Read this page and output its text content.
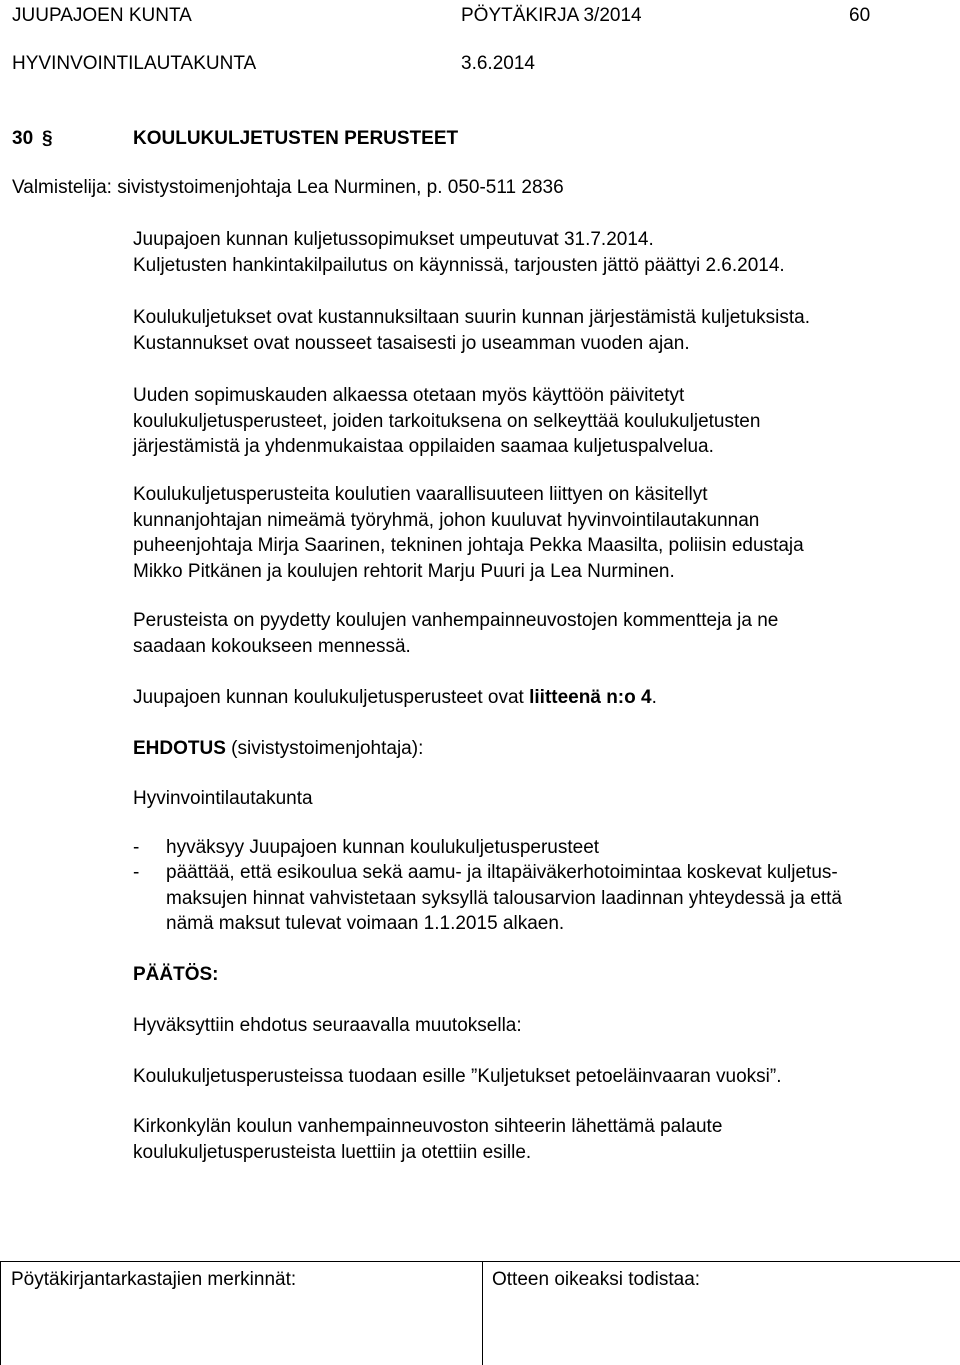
JUUPAJOEN KUNTA	PÖYTÄKIRJA 3/2014	60
HYVINVOINTILAUTAKUNTA	3.6.2014
30 §	KOULUKULJETUSTEN PERUSTEET
Valmistelija: sivistystoimenjohtaja Lea Nurminen, p. 050-511 2836

Juupajoen kunnan kuljetussopimukset umpeutuvat 31.7.2014.

Kuljetusten hankintakilpailutus on käynnissä, tarjousten jättö päättyi 2.6.2014.

Koulukuljetukset ovat kustannuksiltaan suurin kunnan järjestämistä kuljetuksista.

Kustannukset ovat nousseet tasaisesti jo useamman vuoden ajan.

Uuden sopimuskauden alkaessa otetaan myös käyttöön päivitetyt

koulukuljetusperusteet, joiden tarkoituksena on selkeyttää koulukuljetusten

järjestämistä ja yhdenmukaistaa oppilaiden saamaa kuljetuspalvelua.

Koulukuljetusperusteita koulutien vaarallisuuteen liittyen on käsitellyt

kunnanjohtajan nimeämä työryhmä, johon kuuluvat hyvinvointilautakunnan

puheenjohtaja Mirja Saarinen, tekninen johtaja Pekka Maasilta, poliisin edustaja

Mikko Pitkänen ja koulujen rehtorit Marju Puuri ja Lea Nurminen.

Perusteista on pyydetty koulujen vanhempainneuvostojen kommentteja ja ne

saadaan kokoukseen mennessä.

Juupajoen kunnan koulukuljetusperusteet ovat liitteenä n:o 4.

EHDOTUS (sivistystoimenjohtaja):

Hyvinvointilautakunta
- hyväksyy Juupajoen kunnan koulukuljetusperusteet
- päättää, että esikoulua sekä aamu- ja iltapäiväkerhotoimintaa koskevat kuljetus-
maksujen hinnat vahvistetaan syksyllä talousarvion laadinnan yhteydessä ja että
nämä maksut tulevat voimaan 1.1.2015 alkaen.
PÄÄTÖS:
Hyväksyttiin ehdotus seuraavalla muutoksella:
Koulukuljetusperusteissa tuodaan esille ”Kuljetukset petoeläinvaaran vuoksi”.

Kirkonkylän koulun vanhempainneuvoston sihteerin lähettämä palaute

koulukuljetusperusteista luettiin ja otettiin esille.

Pöytäkirjantarkastajien merkinnät:	Otteen oikeaksi todistaa:
